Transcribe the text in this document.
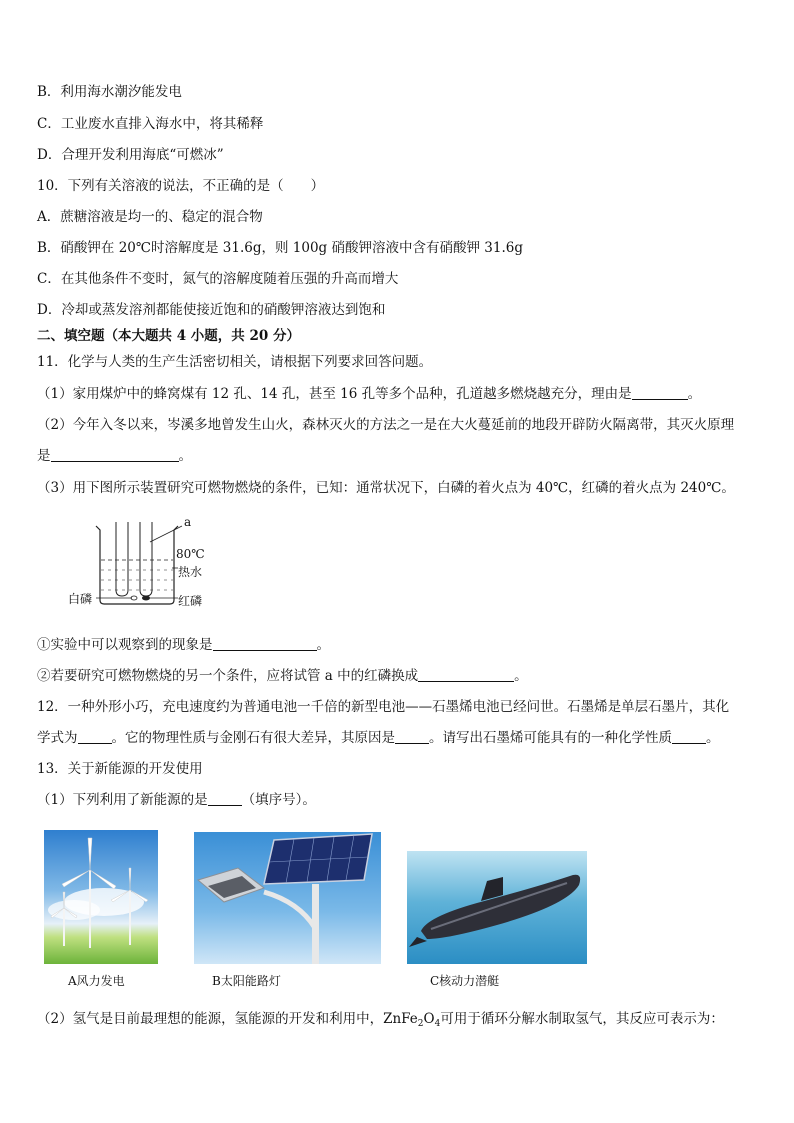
B．利用海水潮汐能发电
C．工业废水直排入海水中，将其稀释
D．合理开发利用海底“可燃冰”
10．下列有关溶液的说法，不正确的是（　　）
A．蔗糖溶液是均一的、稳定的混合物
B．硝酸钾在 20℃时溶解度是 31.6g，则 100g 硝酸钾溶液中含有硝酸钾 31.6g
C．在其他条件不变时，氮气的溶解度随着压强的升高而增大
D．冷却或蒸发溶剂都能使接近饱和的硝酸钾溶液达到饱和
二、填空题（本大题共 4 小题，共 20 分）
11．化学与人类的生产生活密切相关，请根据下列要求回答问题。
（1）家用煤炉中的蜂窝煤有 12 孔、14 孔，甚至 16 孔等多个品种，孔道越多燃烧越充分，理由是	。
（2）今年入冬以来，岑溪多地曾发生山火，森林灭火的方法之一是在大火蔓延前的地段开辟防火隔离带，其灭火原理
是	。
（3）用下图所示装置研究可燃物燃烧的条件，已知：通常状况下，白磷的着火点为 40℃，红磷的着火点为 240℃。
a
80℃
热水
白磷	红磷
①实验中可以观察到的现象是	。
②若要研究可燃物燃烧的另一个条件，应将试管 a 中的红磷换成	。
12．一种外形小巧，充电速度约为普通电池一千倍的新型电池——石墨烯电池已经问世。石墨烯是单层石墨片，其化
学式为	。它的物理性质与金刚石有很大差异，其原因是	。请写出石墨烯可能具有的一种化学性质	。
13．关于新能源的开发使用
（1）下列利用了新能源的是	（填序号）。
A风力发电	B太阳能路灯	C核动力潜艇
（2）氢气是目前最理想的能源，氢能源的开发和利用中，$ZnFe_2O_4$可用于循环分解水制取氢气，其反应可表示为：
